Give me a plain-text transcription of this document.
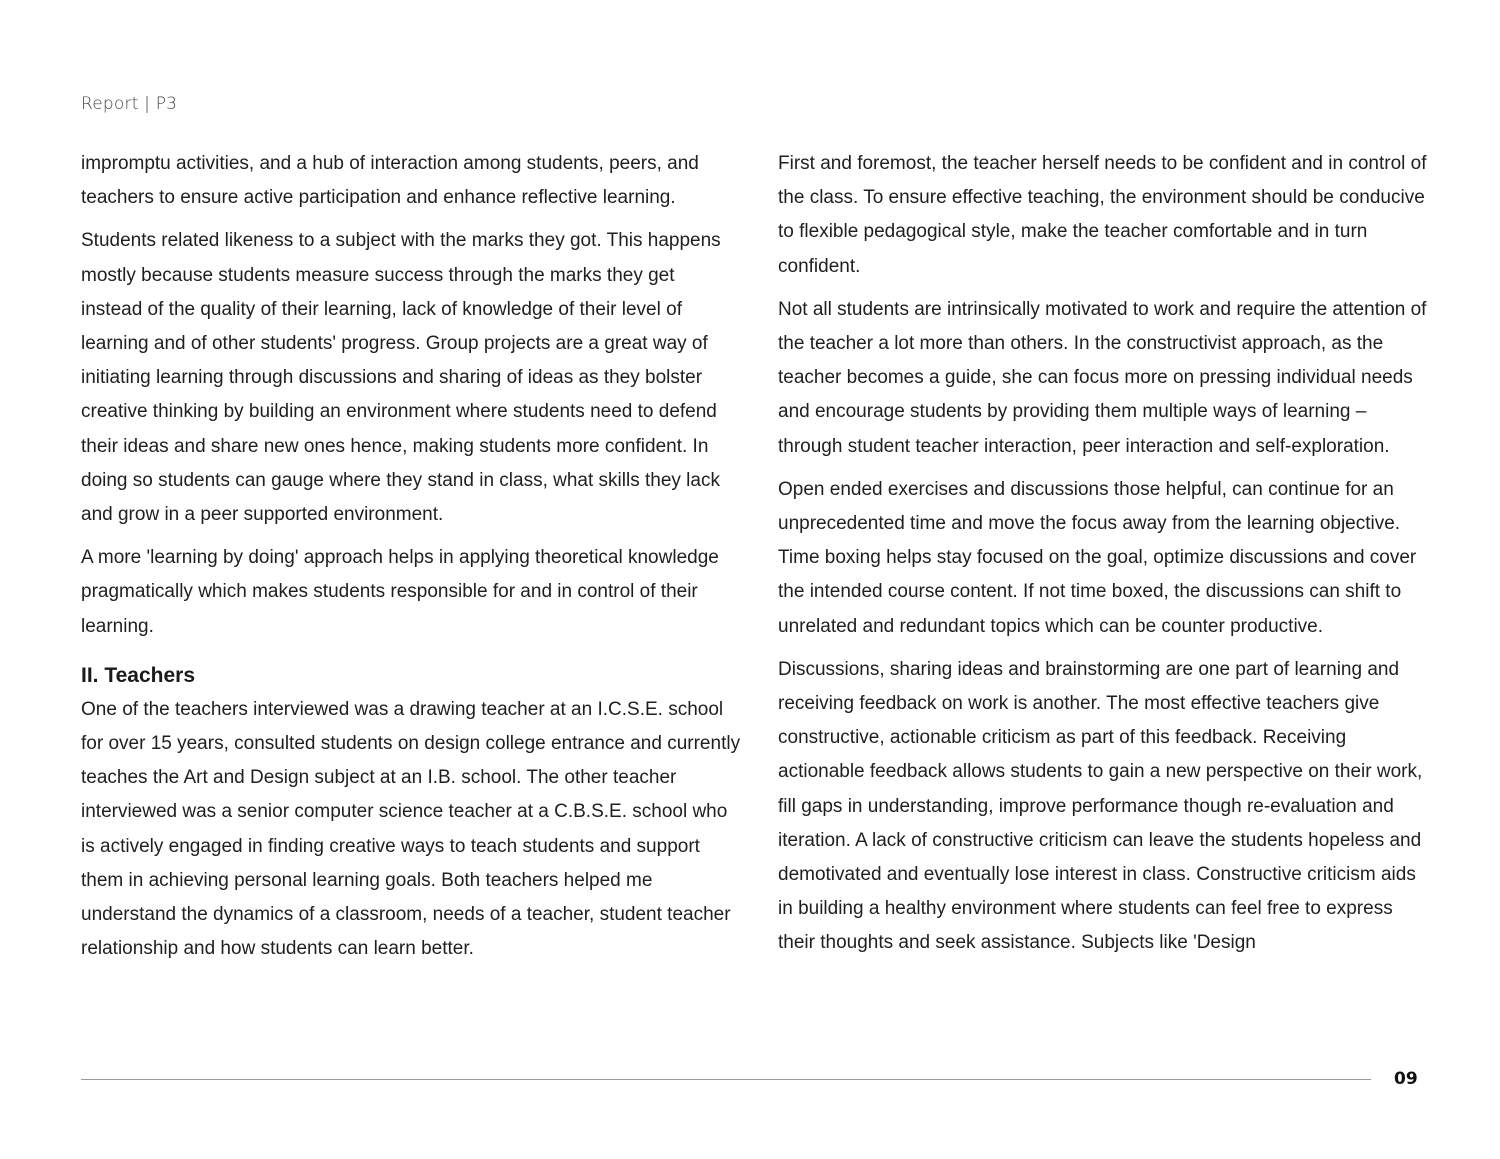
Report | P3

impromptu activities, and a hub of interaction among students, peers, and teachers to ensure active participation and enhance reflective learning.

Students related likeness to a subject with the marks they got. This happens mostly because students measure success through the marks they get instead of the quality of their learning, lack of knowledge of their level of learning and of other students' progress. Group projects are a great way of initiating learning through discussions and sharing of ideas as they bolster creative thinking by building an environment where students need to defend their ideas and share new ones hence, making students more confident. In doing so students can gauge where they stand in class, what skills they lack and grow in a peer supported environment.

A more 'learning by doing' approach helps in applying theoretical knowledge pragmatically which makes students responsible for and in control of their learning.

II. Teachers

One of the teachers interviewed was a drawing teacher at an I.C.S.E. school for over 15 years, consulted students on design college entrance and currently teaches the Art and Design subject at an I.B. school. The other teacher interviewed was a senior computer science teacher at a C.B.S.E. school who is actively engaged in finding creative ways to teach students and support them in achieving personal learning goals. Both teachers helped me understand the dynamics of a classroom, needs of a teacher, student teacher relationship and how students can learn better.

First and foremost, the teacher herself needs to be confident and in control of the class. To ensure effective teaching, the environment should be conducive to flexible pedagogical style, make the teacher comfortable and in turn confident.

Not all students are intrinsically motivated to work and require the attention of the teacher a lot more than others. In the constructivist approach, as the teacher becomes a guide, she can focus more on pressing individual needs and encourage students by providing them multiple ways of learning – through student teacher interaction, peer interaction and self-exploration.

Open ended exercises and discussions those helpful, can continue for an unprecedented time and move the focus away from the learning objective. Time boxing helps stay focused on the goal, optimize discussions and cover the intended course content. If not time boxed, the discussions can shift to unrelated and redundant topics which can be counter productive.

Discussions, sharing ideas and brainstorming are one part of learning and receiving feedback on work is another. The most effective teachers give constructive, actionable criticism as part of this feedback. Receiving actionable feedback allows students to gain a new perspective on their work, fill gaps in understanding, improve performance though re-evaluation and iteration. A lack of constructive criticism can leave the students hopeless and demotivated and eventually lose interest in class. Constructive criticism aids in building a healthy environment where students can feel free to express their thoughts and seek assistance. Subjects like 'Design

09
